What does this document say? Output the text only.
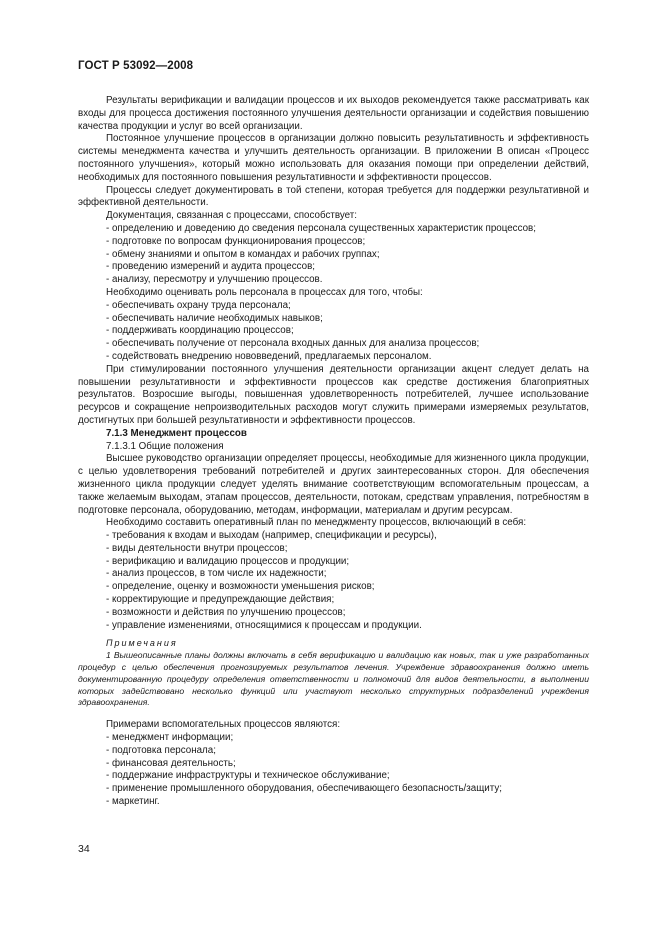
ГОСТ Р 53092—2008

Результаты верификации и валидации процессов и их выходов рекомендуется также рассматривать как входы для процесса достижения постоянного улучшения деятельности организации и содействия повышению качества продукции и услуг во всей организации.

Постоянное улучшение процессов в организации должно повысить результативность и эффективность системы менеджмента качества и улучшить деятельность организации. В приложении В описан «Процесс постоянного улучшения», который можно использовать для оказания помощи при определении действий, необходимых для постоянного повышения результативности и эффективности процессов.

Процессы следует документировать в той степени, которая требуется для поддержки результативной и эффективной деятельности.

Документация, связанная с процессами, способствует:

- определению и доведению до сведения персонала существенных характеристик процессов;

- подготовке по вопросам функционирования процессов;

- обмену знаниями и опытом в командах и рабочих группах;

- проведению измерений и аудита процессов;

- анализу, пересмотру и улучшению процессов.

Необходимо оценивать роль персонала в процессах для того, чтобы:

- обеспечивать охрану труда персонала;

- обеспечивать наличие необходимых навыков;

- поддерживать координацию процессов;

- обеспечивать получение от персонала входных данных для анализа процессов;

- содействовать внедрению нововведений, предлагаемых персоналом.

При стимулировании постоянного улучшения деятельности организации акцент следует делать на повышении результативности и эффективности процессов как средстве достижения благоприятных результатов. Возросшие выгоды, повышенная удовлетворенность потребителей, лучшее использование ресурсов и сокращение непроизводительных расходов могут служить примерами измеряемых результатов, достигнутых при большей результативности и эффективности процессов.

7.1.3 Менеджмент процессов

7.1.3.1 Общие положения

Высшее руководство организации определяет процессы, необходимые для жизненного цикла продукции, с целью удовлетворения требований потребителей и других заинтересованных сторон. Для обеспечения жизненного цикла продукции следует уделять внимание соответствующим вспомогательным процессам, а также желаемым выходам, этапам процессов, деятельности, потокам, средствам управления, потребностям в подготовке персонала, оборудованию, методам, информации, материалам и другим ресурсам.

Необходимо составить оперативный план по менеджменту процессов, включающий в себя:

- требования к входам и выходам (например, спецификации и ресурсы),

- виды деятельности внутри процессов;

- верификацию и валидацию процессов и продукции;

- анализ процессов, в том числе их надежности;

- определение, оценку и возможности уменьшения рисков;

- корректирующие и предупреждающие действия;

- возможности и действия по улучшению процессов;

- управление изменениями, относящимися к процессам и продукции.

Примечания

1 Вышеописанные планы должны включать в себя верификацию и валидацию как новых, так и уже разработанных процедур с целью обеспечения прогнозируемых результатов лечения. Учреждение здравоохранения должно иметь документированную процедуру определения ответственности и полномочий для видов деятельности, в выполнении которых задействовано несколько функций или участвуют несколько структурных подразделений учреждения здравоохранения.

Примерами вспомогательных процессов являются:

- менеджмент информации;

- подготовка персонала;

- финансовая деятельность;

- поддержание инфраструктуры и техническое обслуживание;

- применение промышленного оборудования, обеспечивающего безопасность/защиту;

- маркетинг.

34
